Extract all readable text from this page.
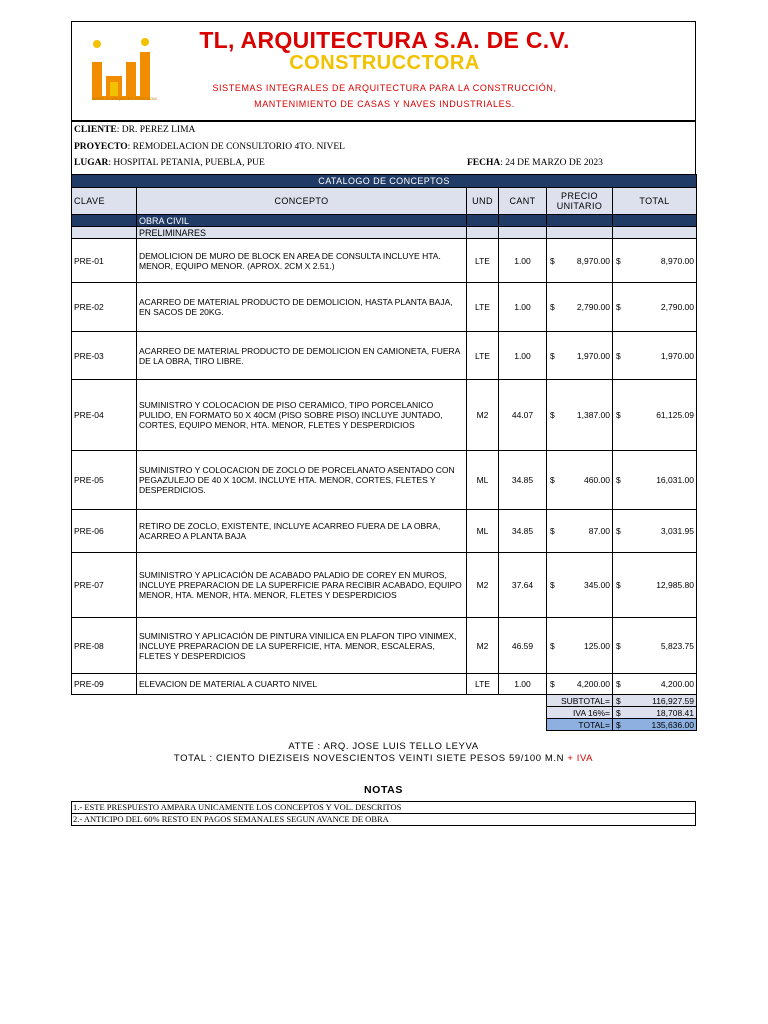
WWW.TL-ARQUITECTURA.COM
TL, ARQUITECTURA S.A. DE C.V.
CONSTRUCCTORA
SISTEMAS INTEGRALES DE ARQUITECTURA PARA LA CONSTRUCCIÓN,
MANTENIMIENTO DE CASAS Y NAVES INDUSTRIALES.
CLIENTE: DR. PEREZ LIMA
PROYECTO: REMODELACION DE CONSULTORIO 4TO. NIVEL
LUGAR: HOSPITAL PETANIA, PUEBLA, PUE	FECHA: 24 DE MARZO DE 2023
CATALOGO DE CONCEPTOS					
CLAVE	CONCEPTO	UND	CANT	PRECIO UNITARIO	TOTAL
	OBRA CIVIL				
	PRELIMINARES				
PRE-01	DEMOLICION DE MURO DE BLOCK EN AREA DE CONSULTA INCLUYE HTA. MENOR, EQUIPO MENOR. (APROX. 2CM X 2.51.)	LTE	1.00	$ 8,970.00	$ 8,970.00

PRE-02	ACARREO DE MATERIAL PRODUCTO DE DEMOLICION, HASTA PLANTA BAJA, EN SACOS DE 20KG.	LTE	1.00	$ 2,790.00	$ 2,790.00

PRE-03	ACARREO DE MATERIAL PRODUCTO DE DEMOLICION EN CAMIONETA, FUERA DE LA OBRA, TIRO LIBRE.	LTE	1.00	$ 1,970.00	$ 1,970.00

PRE-04	SUMINISTRO Y COLOCACION DE PISO CERAMICO, TIPO PORCELANICO PULIDO, EN FORMATO 50 X 40CM (PISO SOBRE PISO) INCLUYE JUNTADO, CORTES, EQUIPO MENOR, HTA. MENOR, FLETES Y DESPERDICIOS	M2	44.07	$ 1,387.00	$ 61,125.09

PRE-05	SUMINISTRO Y COLOCACION DE ZOCLO DE PORCELANATO ASENTADO CON PEGAZULEJO DE 40 X 10CM. INCLUYE HTA. MENOR, CORTES, FLETES Y DESPERDICIOS.	ML	34.85	$ 460.00	$ 16,031.00

PRE-06	RETIRO DE ZOCLO, EXISTENTE, INCLUYE ACARREO FUERA DE LA OBRA, ACARREO A PLANTA BAJA	ML	34.85	$ 87.00	$ 3,031.95

PRE-07	SUMINISTRO Y APLICACIÓN DE ACABADO PALADIO DE COREY EN MUROS, INCLUYE PREPARACION DE LA SUPERFICIE PARA RECIBIR ACABADO, EQUIPO MENOR, HTA. MENOR, HTA. MENOR, FLETES Y DESPERDICIOS	M2	37.64	$ 345.00	$ 12,985.80

PRE-08	SUMINISTRO Y APLICACIÓN DE PINTURA VINILICA EN PLAFON TIPO VINIMEX, INCLUYE PREPARACION DE LA SUPERFICIE, HTA. MENOR, ESCALERAS, FLETES Y DESPERDICIOS	M2	46.59	$ 125.00	$ 5,823.75

PRE-09	ELEVACION DE MATERIAL A CUARTO NIVEL	LTE	1.00	$ 4,200.00	$ 4,200.00

				SUBTOTAL=	$ 116,927.59

				IVA 16%=	$ 18,708.41

				TOTAL=	$ 135,636.00
ATTE : ARQ. JOSE LUIS TELLO LEYVA
TOTAL : CIENTO DIEZISEIS NOVESCIENTOS VEINTI SIETE PESOS 59/100 M.N + IVA
NOTAS
1.- ESTE PRESPUESTO AMPARA UNICAMENTE LOS CONCEPTOS Y VOL. DESCRITOS
2.- ANTICIPO DEL 60% RESTO EN PAGOS SEMANALES SEGUN AVANCE DE OBRA
